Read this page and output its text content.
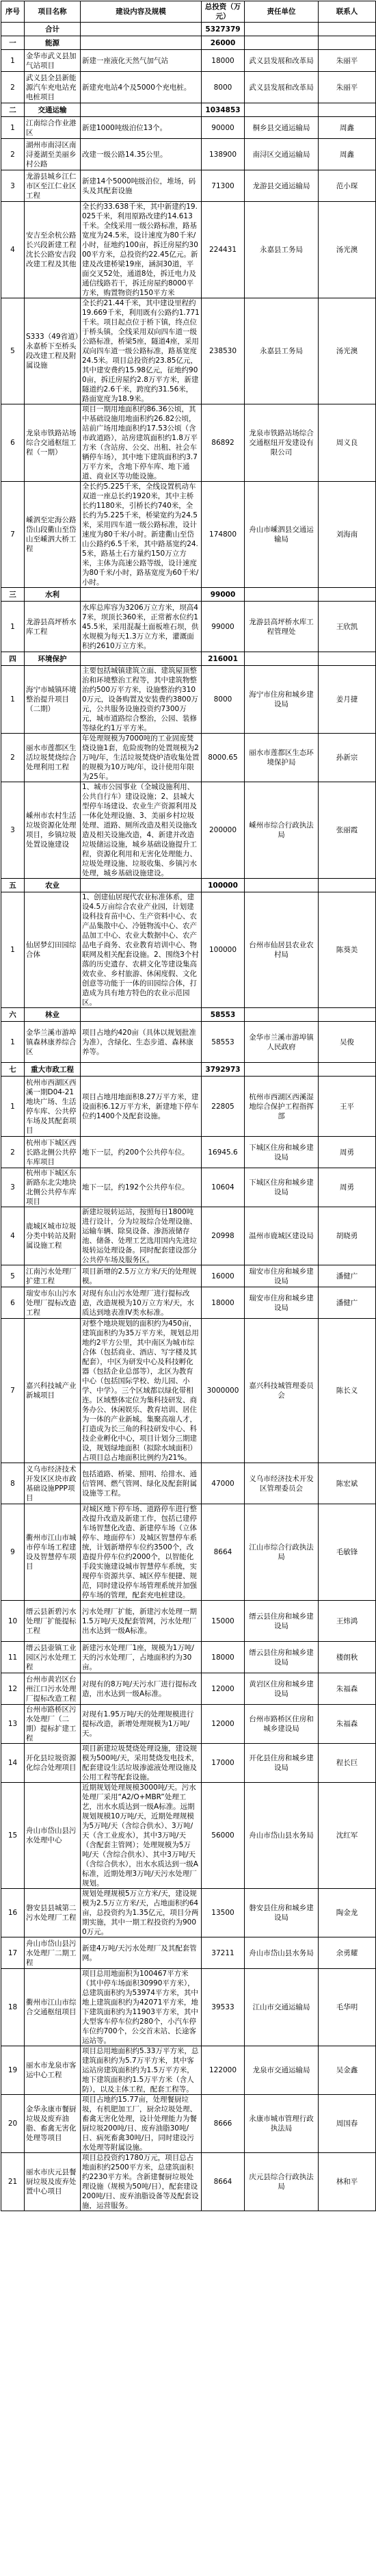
序号	项目名称	建设内容及规模	总投资（万元）	责任单位	联系人
	合计		5327379		
一	能源		26000		
1	金华市武义县加气站项目	新建一座液化天然气加气站	18000	武义县发展和改革局	朱丽平
2	武义县全县新能源汽车充电站充电桩项目	新建充电站4个及5000个充电桩。	8000	武义县发展和改革局	朱丽平
二	交通运输		1034853		
1	江南综合作业港区	新建1000吨级泊位13个。	90000	桐乡县交通运输局	周鑫
2	湖州市南浔区南浔菱湖至美丽乡村公路	改建一级公路14.35公里。	138900	南浔区交通运输局	周鑫
3	龙游县城乡江仁市区至江仁业区工程	新建14个5000吨级泊位，堆场，码头及其配套设施	71300	龙游县交通运输局	范小琛
4	安吉至余杭公路长兴段新建工程沈长公路安吉段改建工程及其他	全长约33.638千米，其中新建约19.025千米，利用原路改建约14.613千米。全线采用一级公路标准，路基宽度为24.5米，设计速度为80千米/小时，征地约100亩，拆迁房屋约3000平方米，总投资约22.45亿元。新建及改建桥梁19座，涵洞30道，平面交叉52处，通道8处，拆迁电力及通信线路若干，拆迁房屋约8000平方米，购置物资约150平方米	224431	永嘉县工务局	汤光澳
5	S333（49省道）永嘉桥下至桥头段改建工程及附属设施	全长约21.44千米，其中建设里程约19.669千米，利用既有公路约1.771千米。项目起点位于桥下镇，终点位于桥头镇，全线采用双向四车道一级公路标准，桥梁5座，隧道4座，采用双向四车道一级公路标准，路基宽度24.5米。项目总投资约23.85亿元，其中建安费约15.98亿元，征地约900亩，拆迁房屋约2.8万平方米，新建隧道约2.6千米，跨度约31.56米，路面宽度为18.9米。	238530	永嘉县工务局	汤光澳
6	龙泉市铁路站场综合交通枢纽工程（一期）	项目一期用地面积约86.36公顷，其中基础设施用地面积约26.82公顷，站前广场用地面积约17.53公顷（含市政道路），站房建筑面积约1.8万平方米（含站房、公交、出租、社会车辆停车场），其中地下建筑面积约3.7万平方米，含地下停车库、地下通道、商业区等功能设施。	86892	龙泉市铁路站场综合交通枢纽开发建设有限公司	周义良
7	嵊泗至定海公路岱山段衢山至岱山至嵊泗大桥工程	全长约5.225千米，全线设置机动车双道一座总长约1920米，其中主桥长约1180米，引桥长约740米，全长约为5.225千米，桥梁宽约为24.5米，采用四车道一级公路标准，设计速度为80千米/小时。新建衢山至岱山公路约6.5千米，其中路基宽约24.5米，路基土石方量约150万立方米，主体为高速公路等级，设计速度为80千米/小时，路基宽度为60千米/小时。	174800	舟山市嵊泗县交通运输局	刘海南
三	水利		99000		
1	龙游县高坪桥水库工程	水库总库容为3206万立方米，坝高47米，坝顶长360米，正常蓄水位约145.5米，采用混凝土面板堆石坝，供水规模为每天1.3万立方米，灌溉面积约2610万立方米。	99000	龙游县高坪桥水库工程管理处	王欣凯
四	环境保护		216001		
1	海宁市城镇环境整治提升项目（二期）	主要包括城镇建筑立面、建筑屋顶整治和环境整治工程等，其中建筑物整治约500万平方米，设施整治约3100万元，设备购置及安装费约3800万元，公共服务设施投资约7300万元，城市道路综合整治，公园、装修等绿化约1万平方米。	8000	海宁市住房和城乡建设局	姜月捷
2	丽水市莲都区生活垃圾焚烧综合处理利用工程	年处理规模为7000吨的工业固废焚烧设施1套，危险废物的处置规模为2万吨/年，生活垃圾焚烧炉渣收集处置的规模为10万吨/年，设计使用年限为25年。	8000.65	丽水市莲都区生态环境保护局	孙新宗
3	嵊州市农村生活垃圾资源化处理项目，乡镇垃圾处置设施建设	1、城市公园事业（全城设施利用、公共自行车）建设设施；2、县城大型停车场建设、农业生产资源利用及一体化处理设施、3、美丽乡村垃圾处理、道路、厕所改造及相关设施改造及相关设施改造，4、新建并改造垃圾储运设施，城乡基础设施提升工程，资源化利用和无害化处理能力、垃圾处理设施、垃圾收集、乡镇污水处理，城乡基础设施建设。	200000	嵊州市综合行政执法局	张丽霞
五	农业		100000		
1	仙居梦幻田园综合体	1、创建仙居现代农业标准体系，建设4.5万亩综合农业产业园，计划建设科技育苗中心、生产资料中心、农产品集散中心、冷链物流中心、农产品加工中心、农业大数据中心、农产品电子商务、农业教育培训中心、物联网及相关配套设施。2、围绕3个村落的历史遗存、农耕文化等建设集高效农业、乡村旅游、休闲度假、文化创意等功能于一体的田园综合体，打造成为具有地方特色的农业示范园区。	100000	台州市仙居县农业农村局	陈葵美
六	林业		58553		
1	金华兰溪市游埠镇森林康养综合区	项目占地约420亩（具体以规划批准为准），含绿化、生态步道、森林康养等。	58553	金华市兰溪市游埠镇人民政府	吴俊
七	重大市政工程		3792973		
1	杭州市西湖区西溪一期D04-21地块广场、生活停车库、公共停车场及其配套项目	项目占地用地面积8.27万平方米，建设面积6.12万平方米，新建地下停车位约1400个及配套设施。	22805	杭州市西湖区西溪湿地综合保护工程指挥部	王平
2	杭州市下城区西长路北侧公共停车库项目	地下一层，约200个公共停车位。	16945.6	下城区住房和城乡建设局	周勇
3	杭州市下城区东新路东北尖地块北侧公共停车库项目	地下一层，约192个公共停车位。	10604	下城区住房和城乡建设局	周勇
4	鹿城区城市垃圾分类中转站及附属设施工程	新建垃圾转运站，按照每日1800吨进行设计，分为垃圾综合处理设施、运输车辆、除臭设备、渗沥液储存池、储备、处理工艺选用国内先进垃圾转运处理设备。同时配套建设部分公共停车场及服务区。	20998	温州市鹿城区建设局	胡晓勇
5	江南污水处理厂扩建工程	项目新增的2.5万立方米/天的处理规模。	16000	瑞安市住房和城乡建设局	潘健广
6	瑞安市东山污水处理厂提标改造工程	对现有东山污水处理厂进行提标改造，改造规模为10万立方米/天，水质达到地表准IV类水标准。	18000	瑞安市住房和城乡建设局	潘健广
7	嘉兴科技城产业新城项目	对整个地块规划的面积约为450亩，建筑面积约为35万平方米，规划总用地约2平方公里，其中南区为城市综合体（包括商业、酒店、写字楼及其配套），中区为研发中心及科技孵化器（包括企业总部等），北区为教育中心（包括国际学校、幼儿园、小学、中学）。三个区域都以绿化带相连。区域整体定位为集科技研发、商务办公、休闲娱乐、教育培训、居住为一体的产业新城。集聚高端人才，打造成为长三角的科技研发中心、科技企业孵化中心，项目计划分三期建设，规划绿地面积（拟除水域面积）占项目总占地面积比例约为21%。	3000000	嘉兴科技城管理委员会	陈长义
8	义乌市经济技术开发区区块市政基础设施PPP项目	包括道路、桥梁、照明、给排水、通信管网、燃气管网、绿化及配套附属设施等工程。	47000	义乌市经济技术开发区管理委员会	陈宏斌
9	衢州市江山市城市停车场工程建设及智慧停车项目	对城区地下停车场、道路停车进行整改提升改造及新建工作，包括已建停车场智慧化改造、新建停车场（立体停车、地面停车）及城区智慧停车系统，计划新增停车位约3500个，改造提升停车位约2000个，以智能化手段实施建设城市智慧停车系统，实现停车资源共享、城区停车便捷、规范，同时建设停车场管理系统并加强停车场的管理，配套充电桩建设。	8664	江山市综合行政执法局	毛敏锋
10	缙云县新碧污水处理厂扩能提标工程	污水处理厂扩能，新建污水处理一期1.5万吨/天及配套管网，污水处理厂出水达到一级A标准。	15000	缙云县住房和城乡建设局	王炜鸿
11	缙云县壶镇工业园区污水处理工程	新建污水处理厂1座，规模为1万吨/天的污水处理厂，占地面积约为30亩。	18000	缙云县住房和城乡建设局	楼朗秋
12	台州市黄岩区台州江口污水处理厂提标改造工程	对现有的8万吨/天污水厂进行提标改造，出水达到一级A标准。	12000	黄岩区住房和城乡建设局	朱福森
13	台州市路桥区污水处理厂（二期）提标扩建工程	对现有1.95万吨/天的处理规模进行提标改造，新增处理规模为1万吨/天。	12000	台州市路桥区住房和城乡建设局	朱福森
14	开化县垃圾资源化综合处理项目	项目新建垃圾焚烧处理设施，建设规模为500吨/天，采用焚烧发电技术，配套建设生活垃圾渗滤液处理设施及公用工程等配套设施。	17000	开化县住房和城乡建设局	程长巨
15	舟山市岱山县污水处理中心	近期规划处理规模3000吨/天。污水处理厂采用“A2/O+MBR”处理工艺，出水水质达到一级A标准。远期规划规模10万吨/天，近期处理规模为5万吨/天（含综合供水）、3万吨/天（含工业废水），其中3万吨/天（含配套主管网）；处理规模为5万吨/天（含综合供水）、其中3万吨/天（含综合供水），出水水质达到一级A标准，近期处理3万吨/天污水处理厂规划。	56000	舟山市岱山县水务局	沈红军
16	磐安县县城第二污水处理厂工程	规划处理规模5万立方米/天，建设规模为2.5万立方米/天，占地面积约64亩，总投资约为1.35亿元，项目分两期实施，其中一期工程投资约为9000万元。	13500	磐安县住房和城乡建设局	陶金龙
17	舟山市岱山县污水处理厂二期工程	新建4万吨/天污水处理厂及其配套管网。	37211	舟山市岱山县水务局	余勇耀
18	衢州市江山市综合交通枢纽项目	项目总用地面积为100467平方米（其中停车场面积30990平方米），总建筑面积约为53974平方米，其中地上建筑面积约为42071平方米，地下建筑面积约为11903平方米，其中大型客车停车位约280个，小汽车停车位约700个，公交首末站、长途客运站等。	39533	江山市交通运输局	毛华明
19	丽水市龙泉市客运中心工程	项目总用地面积约5.33万平方米，总建筑面积约为5.7万平方米，其中客运站房建筑面积约为1.5万平方米，地下建筑面积约1.5万平方米（含人防），以及主体工程，配套工程等。	122000	龙泉市交通运输局	吴金鑫
20	金华永康市餐厨垃圾及废弃油脂、畜禽无害化处理等项目	项目占地约15.77亩，处理餐厨垃圾，有机肥加工厂，厨余垃圾处理、畜禽无害化处理，设计处理能力为餐厨垃圾200吨/日、废弃油脂30吨/日、病死畜禽30吨/日，同时建设污水处理等附属设施。	8666	永康市城市管理行政执法局	周国春
21	丽水市庆元县餐厨垃圾及废弃处置中心项目	项目总投资约1780万元，项目总占地面积约2500平方米，总建筑面积约2230平方米。含新建餐厨垃圾处理设施（规模为50吨/日），配套建设200吨/日、废弃油脂设备等及配套设施，运营服务。	8664	庆元县综合行政执法局	林和平
